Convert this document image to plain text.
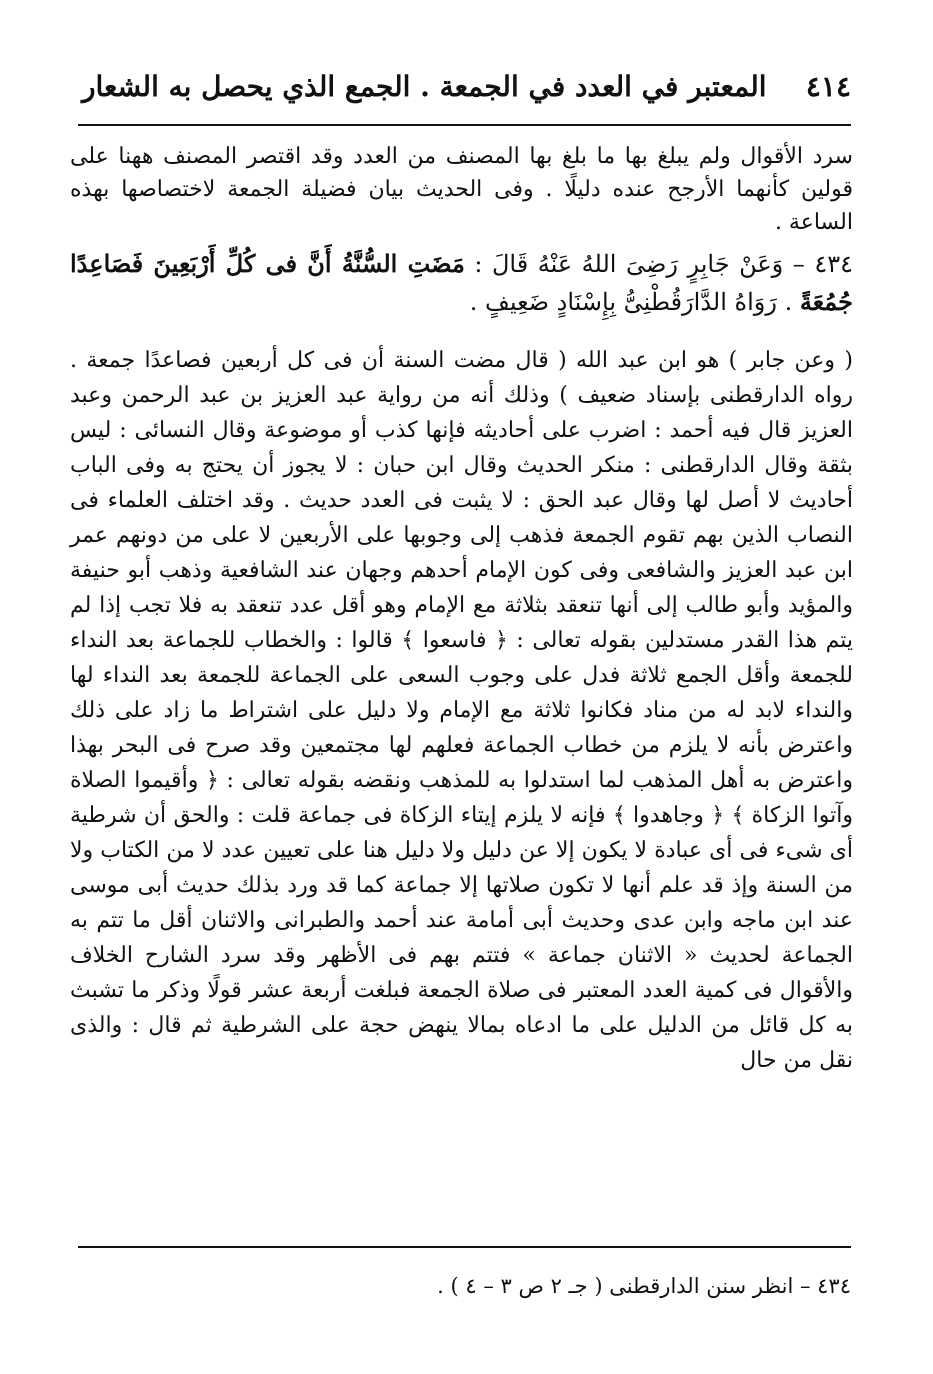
٤١٤
المعتبر في العدد في الجمعة . الجمع الذي يحصل به الشعار

سرد الأقوال ولم يبلغ بها ما بلغ بها المصنف من العدد وقد اقتصر المصنف ههنا على قولين كأنهما الأرجح عنده دليلًا . وفى الحديث بيان فضيلة الجمعة لاختصاصها بهذه الساعة .

٤٣٤ – وَعَنْ جَابِرٍ رَضِىَ اللهُ عَنْهُ قَالَ : مَضَتِ السُّنَّةُ أَنَّ فى كُلِّ أَرْبَعِينَ فَصَاعِدًا جُمُعَةً . رَوَاهُ الدَّارَقُطْنِىُّ بِإِسْنَادٍ ضَعِيفٍ .

( وعن جابر ) هو ابن عبد الله ( قال مضت السنة أن فى كل أربعين فصاعدًا جمعة . رواه الدارقطنى بإسناد ضعيف ) وذلك أنه من رواية عبد العزيز بن عبد الرحمن وعبد العزيز قال فيه أحمد : اضرب على أحاديثه فإنها كذب أو موضوعة وقال النسائى : ليس بثقة وقال الدارقطنى : منكر الحديث وقال ابن حبان : لا يجوز أن يحتج به وفى الباب أحاديث لا أصل لها وقال عبد الحق : لا يثبت فى العدد حديث . وقد اختلف العلماء فى النصاب الذين بهم تقوم الجمعة فذهب إلى وجوبها على الأربعين لا على من دونهم عمر ابن عبد العزيز والشافعى وفى كون الإمام أحدهم وجهان عند الشافعية وذهب أبو حنيفة والمؤيد وأبو طالب إلى أنها تنعقد بثلاثة مع الإمام وهو أقل عدد تنعقد به فلا تجب إذا لم يتم هذا القدر مستدلين بقوله تعالى : ﴿ فاسعوا ﴾ قالوا : والخطاب للجماعة بعد النداء للجمعة وأقل الجمع ثلاثة فدل على وجوب السعى على الجماعة للجمعة بعد النداء لها والنداء لابد له من مناد فكانوا ثلاثة مع الإمام ولا دليل على اشتراط ما زاد على ذلك واعترض بأنه لا يلزم من خطاب الجماعة فعلهم لها مجتمعين وقد صرح فى البحر بهذا واعترض به أهل المذهب لما استدلوا به للمذهب ونقضه بقوله تعالى : ﴿ وأقيموا الصلاة وآتوا الزكاة ﴾ ﴿ وجاهدوا ﴾ فإنه لا يلزم إيتاء الزكاة فى جماعة قلت : والحق أن شرطية أى شىء فى أى عبادة لا يكون إلا عن دليل ولا دليل هنا على تعيين عدد لا من الكتاب ولا من السنة وإذ قد علم أنها لا تكون صلاتها إلا جماعة كما قد ورد بذلك حديث أبى موسى عند ابن ماجه وابن عدى وحديث أبى أمامة عند أحمد والطبرانى والاثنان أقل ما تتم به الجماعة لحديث « الاثنان جماعة » فتتم بهم فى الأظهر وقد سرد الشارح الخلاف والأقوال فى كمية العدد المعتبر فى صلاة الجمعة فبلغت أربعة عشر قولًا وذكر ما تشبث به كل قائل من الدليل على ما ادعاه بمالا ينهض حجة على الشرطية ثم قال : والذى نقل من حال

٤٣٤ – انظر سنن الدارقطنى ( جـ ٢ ص ٣ – ٤ ) .
